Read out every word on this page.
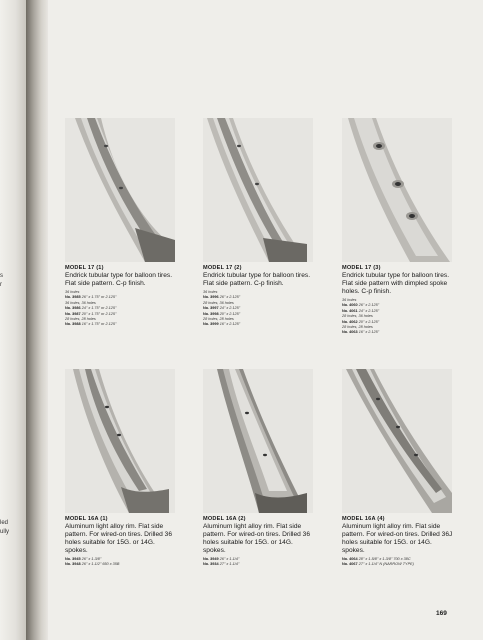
s
r
led
ully
MODEL 17 (1)
Endrick tubular type for balloon tires. Flat side pattern. C-p finish.
36 holes
No. 3985 26" x 1.75" or 2.125"
36 holes, 36 holes
No. 3986 24" x 1.75" or 2.125"
No. 3987 20" x 1.75" or 2.125"
28 holes, 28 holes
No. 3988 16" x 1.75" or 2.125"
MODEL 17 (2)
Endrick tubular type for balloon tires. Flat side pattern. C-p finish.
36 holes
No. 3996 26" x 2.125"
28 holes, 36 holes
No. 3997 24" x 2.125"
No. 3998 20" x 2.125"
28 holes, 28 holes
No. 3999 16" x 2.125"
MODEL 17 (3)
Endrick tubular type for balloon tires. Flat side pattern with dimpled spoke holes. C-p finish.
36 holes
No. 4060 26" x 2.125"
No. 4061 24" x 2.125"
28 holes, 36 holes
No. 4062 20" x 2.125"
28 holes, 28 holes
No. 4063 16" x 2.125"
MODEL 16A (1)
Aluminum light alloy rim. Flat side pattern. For wired-on tires. Drilled 36 holes suitable for 15G. or 14G. spokes.
No. 3945 26" x 1-3/8"
No. 3948 26" x 1-1/2" 650 x 35B
MODEL 16A (2)
Aluminum light alloy rim. Flat side pattern. For wired-on tires. Drilled 36 holes suitable for 15G. or 14G. spokes.
No. 3949 26" x 1-1/4"
No. 3934 27" x 1-1/4"
MODEL 16A (4)
Aluminum light alloy rim. Flat side pattern. For wired-on tires. Drilled 36J holes suitable for 15G. or 14G. spokes.
No. 4064 28" x 1-5/8" x 1-3/8" 700 x 38C
No. 4067 27" x 1-1/4" N (NARROW TYPE)
169
